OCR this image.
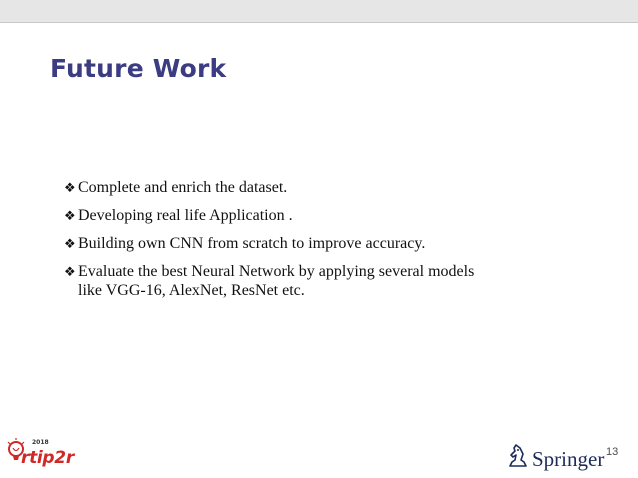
Future Work
❖ Complete and enrich the dataset.
❖ Developing real life Application .
❖ Building own CNN from scratch to improve accuracy.
❖ Evaluate the best Neural Network by applying several models
like VGG-16, AlexNet, ResNet etc.
2018
rtip2r	Springer 13
